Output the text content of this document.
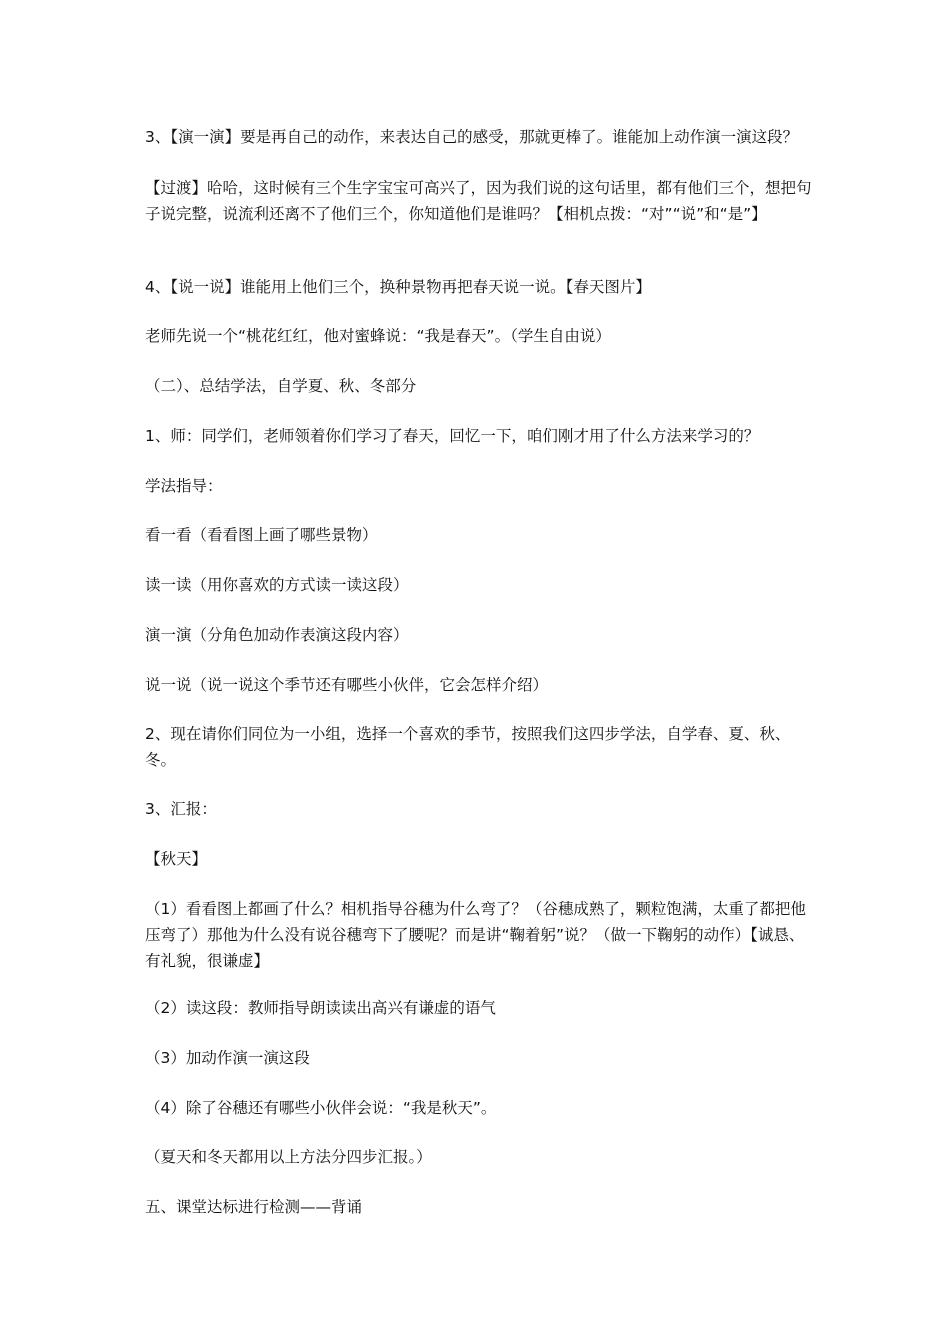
3、【演一演】要是再自己的动作，来表达自己的感受，那就更棒了。谁能加上动作演一演这段？

【过渡】哈哈，这时候有三个生字宝宝可高兴了，因为我们说的这句话里，都有他们三个，想把句子说完整，说流利还离不了他们三个，你知道他们是谁吗？【相机点拨：“对”“说”和“是”】

4、【说一说】谁能用上他们三个，换种景物再把春天说一说。【春天图片】

老师先说一个“桃花红红，他对蜜蜂说：“我是春天”。（学生自由说）

（二）、总结学法，自学夏、秋、冬部分

1、师：同学们，老师领着你们学习了春天，回忆一下，咱们刚才用了什么方法来学习的？

学法指导：

看一看（看看图上画了哪些景物）

读一读（用你喜欢的方式读一读这段）

演一演（分角色加动作表演这段内容）

说一说（说一说这个季节还有哪些小伙伴，它会怎样介绍）

2、现在请你们同位为一小组，选择一个喜欢的季节，按照我们这四步学法，自学春、夏、秋、冬。

3、汇报：

【秋天】

（1）看看图上都画了什么？相机指导谷穗为什么弯了？（谷穗成熟了，颗粒饱满，太重了都把他压弯了）那他为什么没有说谷穗弯下了腰呢？而是讲“鞠着躬”说？（做一下鞠躬的动作）【诚恳、有礼貌，很谦虚】

（2）读这段：教师指导朗读读出高兴有谦虚的语气

（3）加动作演一演这段

（4）除了谷穗还有哪些小伙伴会说：“我是秋天”。

（夏天和冬天都用以上方法分四步汇报。）

五、课堂达标进行检测——背诵
